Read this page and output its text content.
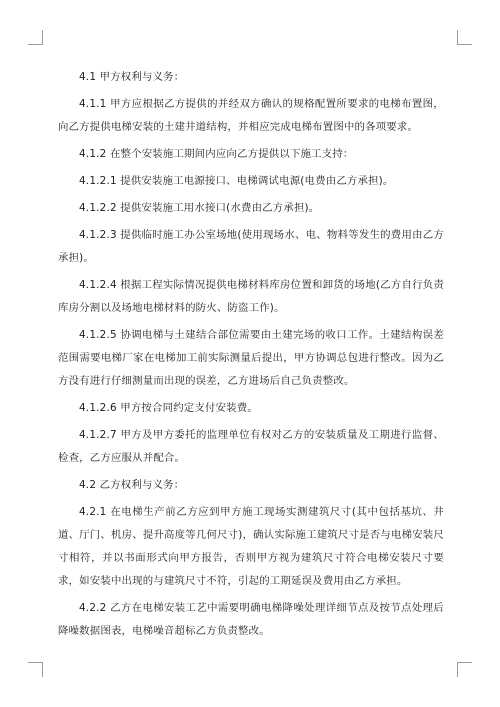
4.1 甲方权利与义务：

4.1.1 甲方应根据乙方提供的并经双方确认的规格配置所要求的电梯布置图，向乙方提供电梯安装的土建井道结构，并相应完成电梯布置图中的各项要求。

4.1.2 在整个安装施工期间内应向乙方提供以下施工支持：

4.1.2.1 提供安装施工电源接口、电梯调试电源(电费由乙方承担)。

4.1.2.2 提供安装施工用水接口(水费由乙方承担)。

4.1.2.3 提供临时施工办公室场地(使用现场水、电、物料等发生的费用由乙方承担)。

4.1.2.4 根据工程实际情况提供电梯材料库房位置和卸货的场地(乙方自行负责库房分割以及场地电梯材料的防火、防盗工作)。

4.1.2.5 协调电梯与土建结合部位需要由土建完场的收口工作。土建结构误差范围需要电梯厂家在电梯加工前实际测量后提出，甲方协调总包进行整改。因为乙方没有进行仔细测量而出现的误差，乙方进场后自己负责整改。

4.1.2.6 甲方按合同约定支付安装费。

4.1.2.7 甲方及甲方委托的监理单位有权对乙方的安装质量及工期进行监督、检查，乙方应服从并配合。

4.2 乙方权利与义务：

4.2.1 在电梯生产前乙方应到甲方施工现场实测建筑尺寸(其中包括基坑、井道、厅门、机房、提升高度等几何尺寸)，确认实际施工建筑尺寸是否与电梯安装尺寸相符，并以书面形式向甲方报告，否则甲方视为建筑尺寸符合电梯安装尺寸要求，如安装中出现的与建筑尺寸不符，引起的工期延误及费用由乙方承担。

4.2.2 乙方在电梯安装工艺中需要明确电梯降噪处理详细节点及按节点处理后降噪数据图表，电梯噪音超标乙方负责整改。
